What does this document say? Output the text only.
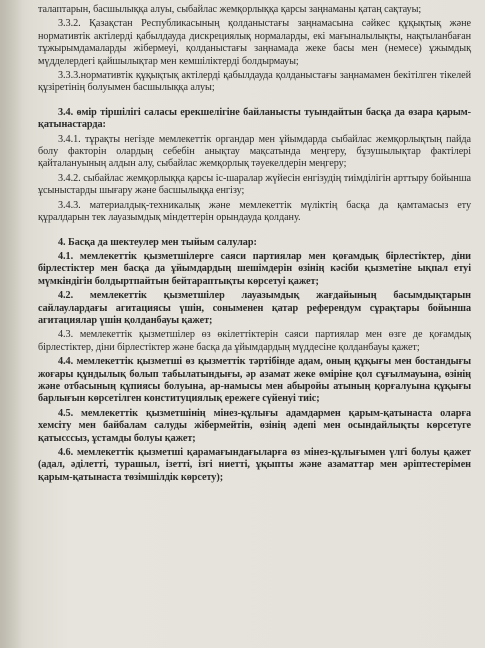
талаптарын, басшылыққа алуы, сыбайлас жемқорлыққа қарсы заңнаманы қатаң сақтауы;

3.3.2. Қазақстан Республикасының қолданыстағы заңнамасына сәйкес құқықтық және нормативтік актілерді қабылдауда дискрециялық нормаларды, екі мағыналылықты, нақтыланбаған тұжырымдамаларды жібермеуі, қолданыстағы заңнамада жеке басы мен (немесе) ұжымдық мүдделердегі қайшылықтар мен кемшіліктерді болдырмауы;

3.3.3.нормативтік құқықтық актілерді қабылдауда қолданыстағы заңнамамен бекітілген тікелей құзіретінің болуымен басшылыққа алуы;

3.4. өмір тіршілігі саласы ерекшелігіне байланысты туындайтын басқа да өзара қарым-қатынастарда:

3.4.1. тұрақты негізде мемлекеттік органдар мен ұйымдарда сыбайлас жемқорлықтың пайда болу факторін олардың себебін анықтау мақсатында меңгеру, бұзушылықтар фактілері қайталануының алдын алу, сыбайлас жемқорлық тәуекелдерін меңгеру;

3.4.2. сыбайлас жемқорлыққа қарсы іс-шаралар жүйесін енгізудің тиімділігін арттыру бойынша ұсыныстарды шығару және басшылыққа енгізу;

3.4.3. материалдық-техникалық және мемлекеттік мүліктің басқа да қамтамасыз ету құралдарын тек лауазымдық міндеттерін орындауда қолдану.

4. Басқа да шектеулер мен тыйым салулар:

4.1. мемлекеттік қызметшілерге саяси партиялар мен қоғамдық бірлестіктер, діни бірлестіктер мен басқа да ұйымдардың шешімдерін өзінің кәсіби қызметіне ықпал етуі мүмкіндігін болдыртпайтын бейтараптықты көрсетуі қажет;

4.2. мемлекеттік қызметшілер лауазымдық жағдайының басымдықтарын сайлаулардағы агитациясы үшін, соныменен қатар референдум сұрақтары бойынша агитациялар үшін қолданбауы қажет;

4.3. мемлекеттік қызметшілер өз өкілеттіктерін саяси партиялар мен өзге де қоғамдық бірлестіктер, діни бірлестіктер және басқа да ұйымдардың мүддесіне қолданбауы қажет;

4.4. мемлекеттік қызметші өз қызметтік тәртібінде адам, оның құқығы мен бостандығы жоғары құндылық болып табылатындығы, әр азамат жеке өміріне қол сұғылмауына, өзінің және отбасының құпиясы болуына, ар-намысы мен абыройы атының қорғалуына құқығы барлығын көрсетілген конституциялық ережеге сүйенуі тиіс;

4.5. мемлекеттік қызметшінің мінез-құлығы адамдармен қарым-қатынаста оларға хемсіту мен байбалам салуды жібермейтін, өзінің әдепі мен осындайлықты көрсетуге қатысссыз, ұстамды болуы қажет;

4.6. мемлекеттік қызметші қарамағындағыларға өз мінез-құлығымен үлгі болуы қажет (адал, әділетті, турашыл, ізетті, ізгі ниетті, ұқыпты және азаматтар мен әріптестерімен қарым-қатынаста төзімшілдік көрсету);
